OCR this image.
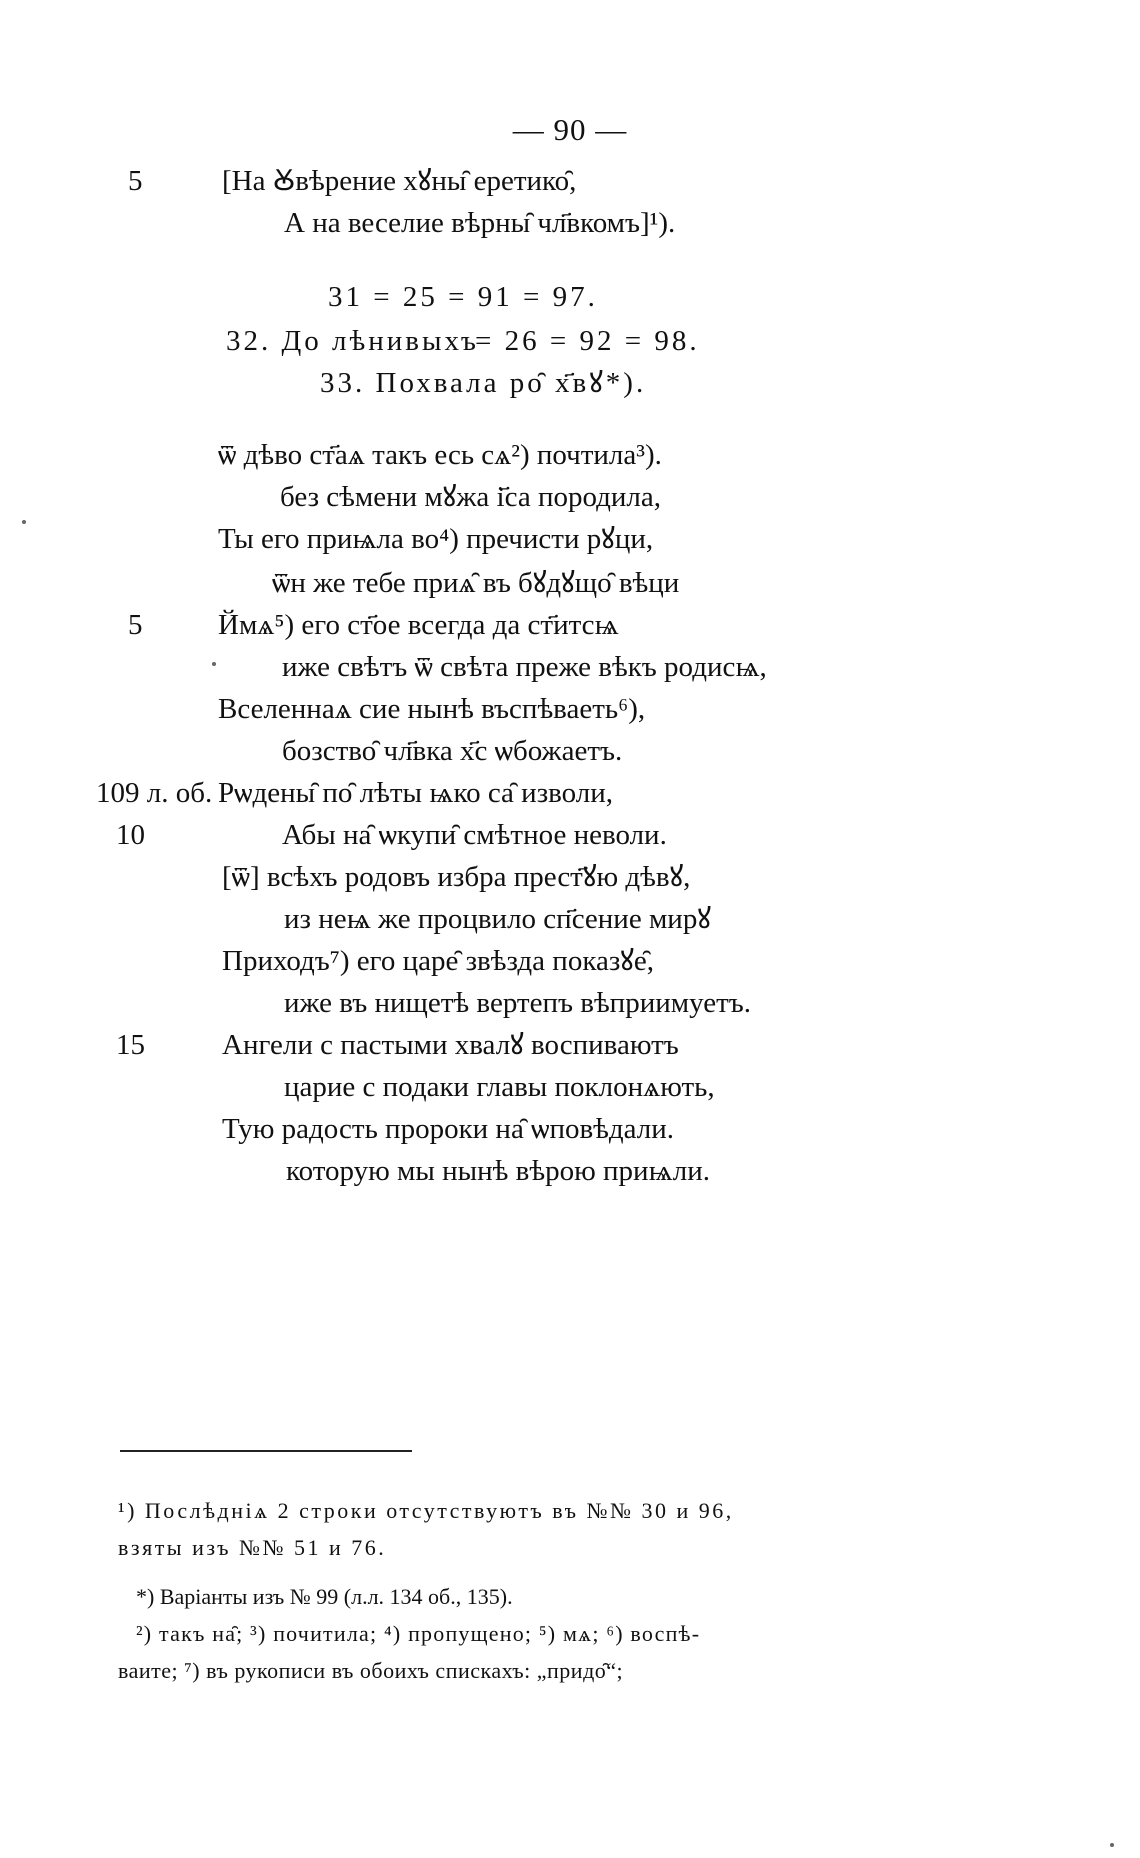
— 90 —
5	[На Ꙋвѣрение хꙋны̑ еретико̑,
А на веселие вѣрны̑ чл҃вкомъ]¹).
31 = 25 = 91 = 97.
32. До лѣнивыхъ
= 26 = 92 = 98.
33. Похвала ро̑ х҃вꙋ*).
ѿ дѣво ст҃аѧ такъ есь сѧ²) почтила³).
без сѣмени мꙋжа і҃са породила,
Ты его приѩла во⁴) пречисти рꙋци,
ѿн же тебе приѧ̑ въ бꙋдꙋщо̑ вѣци
5	Ймѧ⁵) его ст҃ое всегда да ст҃итсѩ
иже свѣтъ ѿ свѣта преже вѣкъ родисѩ,
Вселеннаѧ сие нынѣ въспѣваеть⁶),
бозство̑ чл҃вка х҃с ѡбожаетъ.
109 л. об. Рѡдены̑ по̑ лѣты ѩко са̑ изволи,
10	Абы на̑ ѡкупи̑ смѣтное неволи.
[ѿ] всѣхъ родовъ избра прест҃ꙋю дѣвꙋ,
из неѩ же процвило сп҃сение мирꙋ
Приходъ⁷) его царе̑ звѣзда показꙋе̑,
иже въ нищетѣ вертепъ вѣприимуетъ.
15	Ангели с пастыми хвалꙋ воспиваютъ
царие с подаки главы поклонѧють,
Тую радость пророки на̑ ѡповѣдали.
которую мы нынѣ вѣрою приѩли.
¹) Послѣдніѧ 2 строки отсутствуютъ въ №№ 30 и 96,
взяты изъ №№ 51 и 76.
*) Варіанты изъ № 99 (л.л. 134 об., 135).
²) такъ на̑; ³) почитила; ⁴) пропущено; ⁵) мѧ; ⁶) воспѣ-
ваите; ⁷) въ рукописи въ обоихъ спискахъ: „придо̑“;
